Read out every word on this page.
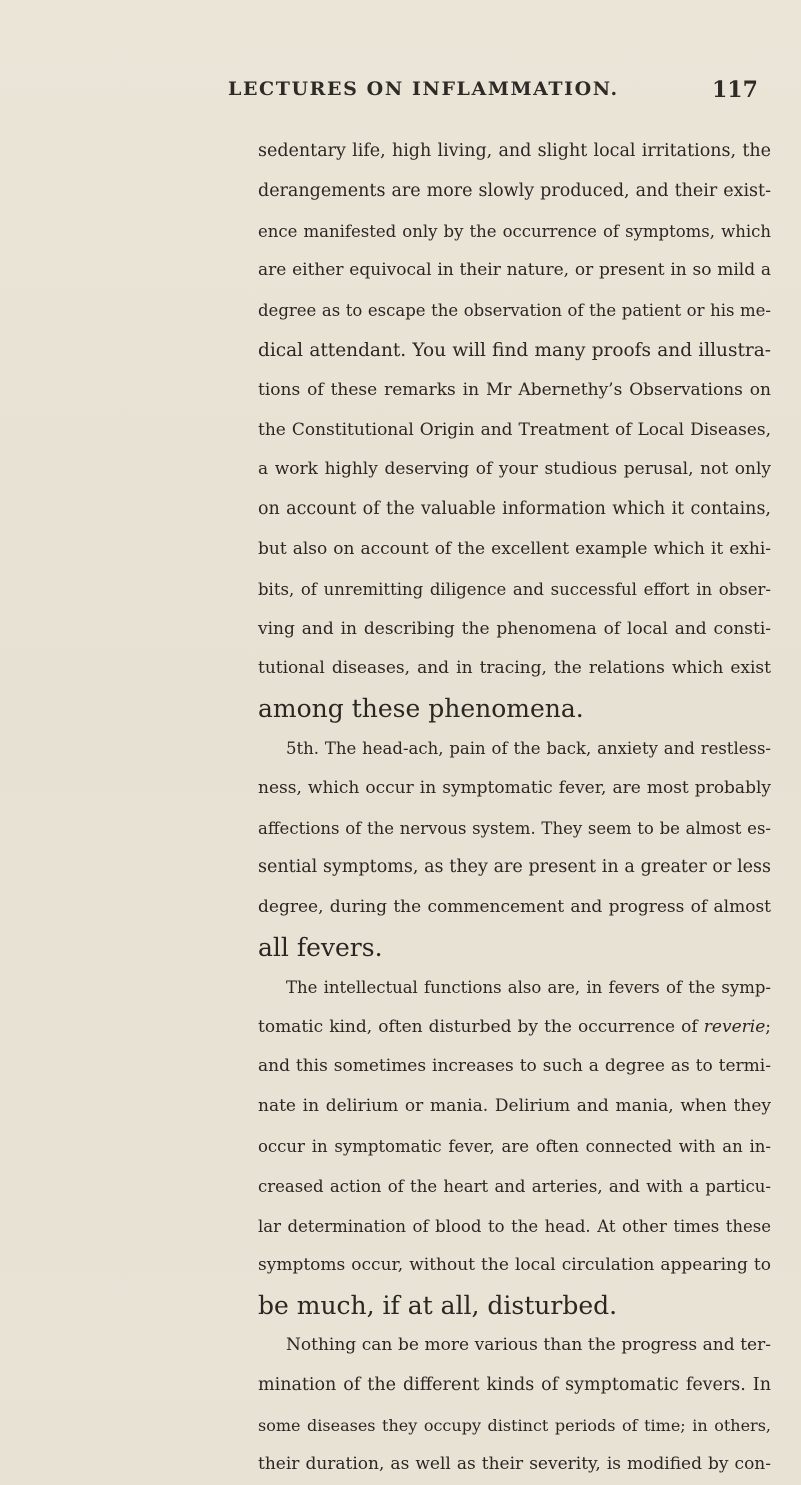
LECTURES ON INFLAMMATION.	117
sedentary life, high living, and slight local irritations, the
derangements are more slowly produced, and their exist-
ence manifested only by the occurrence of symptoms, which
are either equivocal in their nature, or present in so mild a
degree as to escape the observation of the patient or his me-
dical attendant. You will find many proofs and illustra-
tions of these remarks in Mr Abernethy’s Observations on
the Constitutional Origin and Treatment of Local Diseases,
a work highly deserving of your studious perusal, not only
on account of the valuable information which it contains,
but also on account of the excellent example which it exhi-
bits, of unremitting diligence and successful effort in obser-
ving and in describing the phenomena of local and consti-
tutional diseases, and in tracing, the relations which exist
among these phenomena.
5th. The head-ach, pain of the back, anxiety and restless-
ness, which occur in symptomatic fever, are most probably
affections of the nervous system. They seem to be almost es-
sential symptoms, as they are present in a greater or less
degree, during the commencement and progress of almost
all fevers.
The intellectual functions also are, in fevers of the symp-
tomatic kind, often disturbed by the occurrence of reverie;
and this sometimes increases to such a degree as to termi-
nate in delirium or mania. Delirium and mania, when they
occur in symptomatic fever, are often connected with an in-
creased action of the heart and arteries, and with a particu-
lar determination of blood to the head. At other times these
symptoms occur, without the local circulation appearing to
be much, if at all, disturbed.
Nothing can be more various than the progress and ter-
mination of the different kinds of symptomatic fevers. In
some diseases they occupy distinct periods of time; in others,
their duration, as well as their severity, is modified by con-
